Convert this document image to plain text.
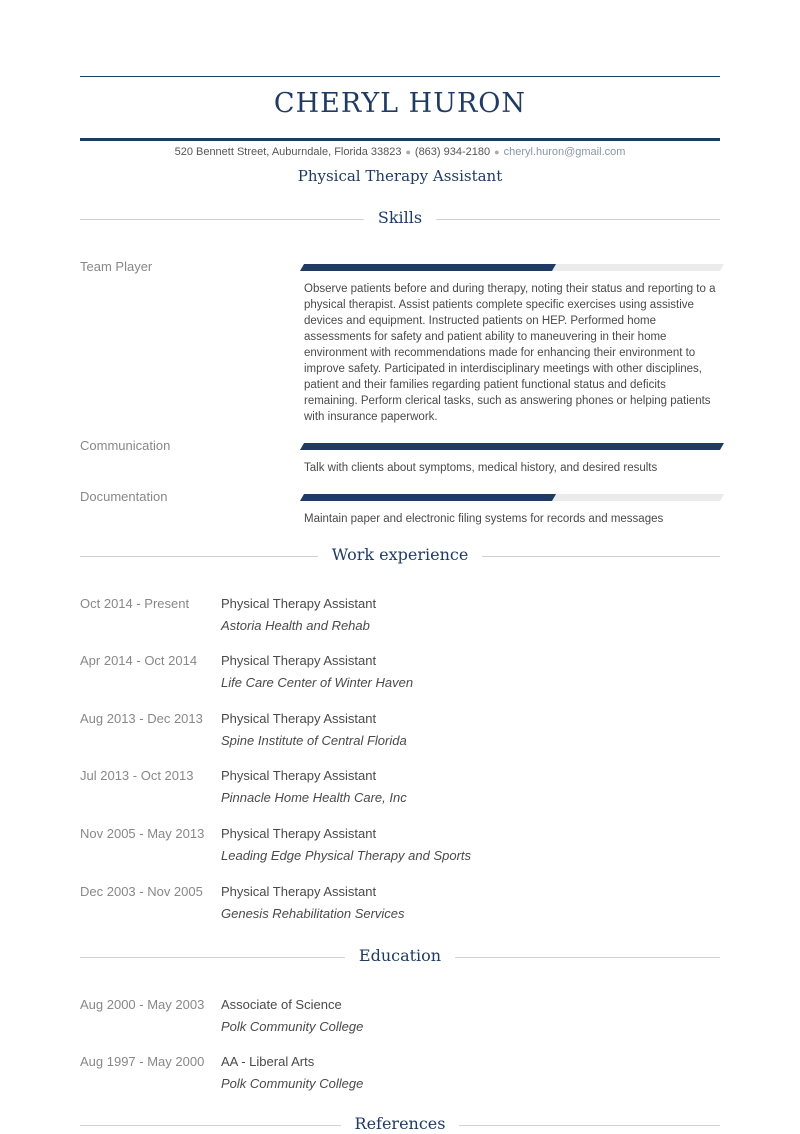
CHERYL HURON
520 Bennett Street, Auburndale, Florida 33823 ● (863) 934-2180 ● cheryl.huron@gmail.com
Physical Therapy Assistant
Skills
Team Player
Observe patients before and during therapy, noting their status and reporting to a physical therapist. Assist patients complete specific exercises using assistive devices and equipment. Instructed patients on HEP. Performed home assessments for safety and patient ability to maneuvering in their home environment with recommendations made for enhancing their environment to improve safety. Participated in interdisciplinary meetings with other disciplines, patient and their families regarding patient functional status and deficits remaining. Perform clerical tasks, such as answering phones or helping patients with insurance paperwork.
Communication
Talk with clients about symptoms, medical history, and desired results
Documentation
Maintain paper and electronic filing systems for records and messages
Work experience
Oct 2014 - Present Physical Therapy Assistant
Astoria Health and Rehab
Apr 2014 - Oct 2014 Physical Therapy Assistant
Life Care Center of Winter Haven
Aug 2013 - Dec 2013 Physical Therapy Assistant
Spine Institute of Central Florida
Jul 2013 - Oct 2013 Physical Therapy Assistant
Pinnacle Home Health Care, Inc
Nov 2005 - May 2013 Physical Therapy Assistant
Leading Edge Physical Therapy and Sports
Dec 2003 - Nov 2005 Physical Therapy Assistant
Genesis Rehabilitation Services
Education
Aug 2000 - May 2003 Associate of Science
Polk Community College
Aug 1997 - May 2000 AA - Liberal Arts
Polk Community College
References
